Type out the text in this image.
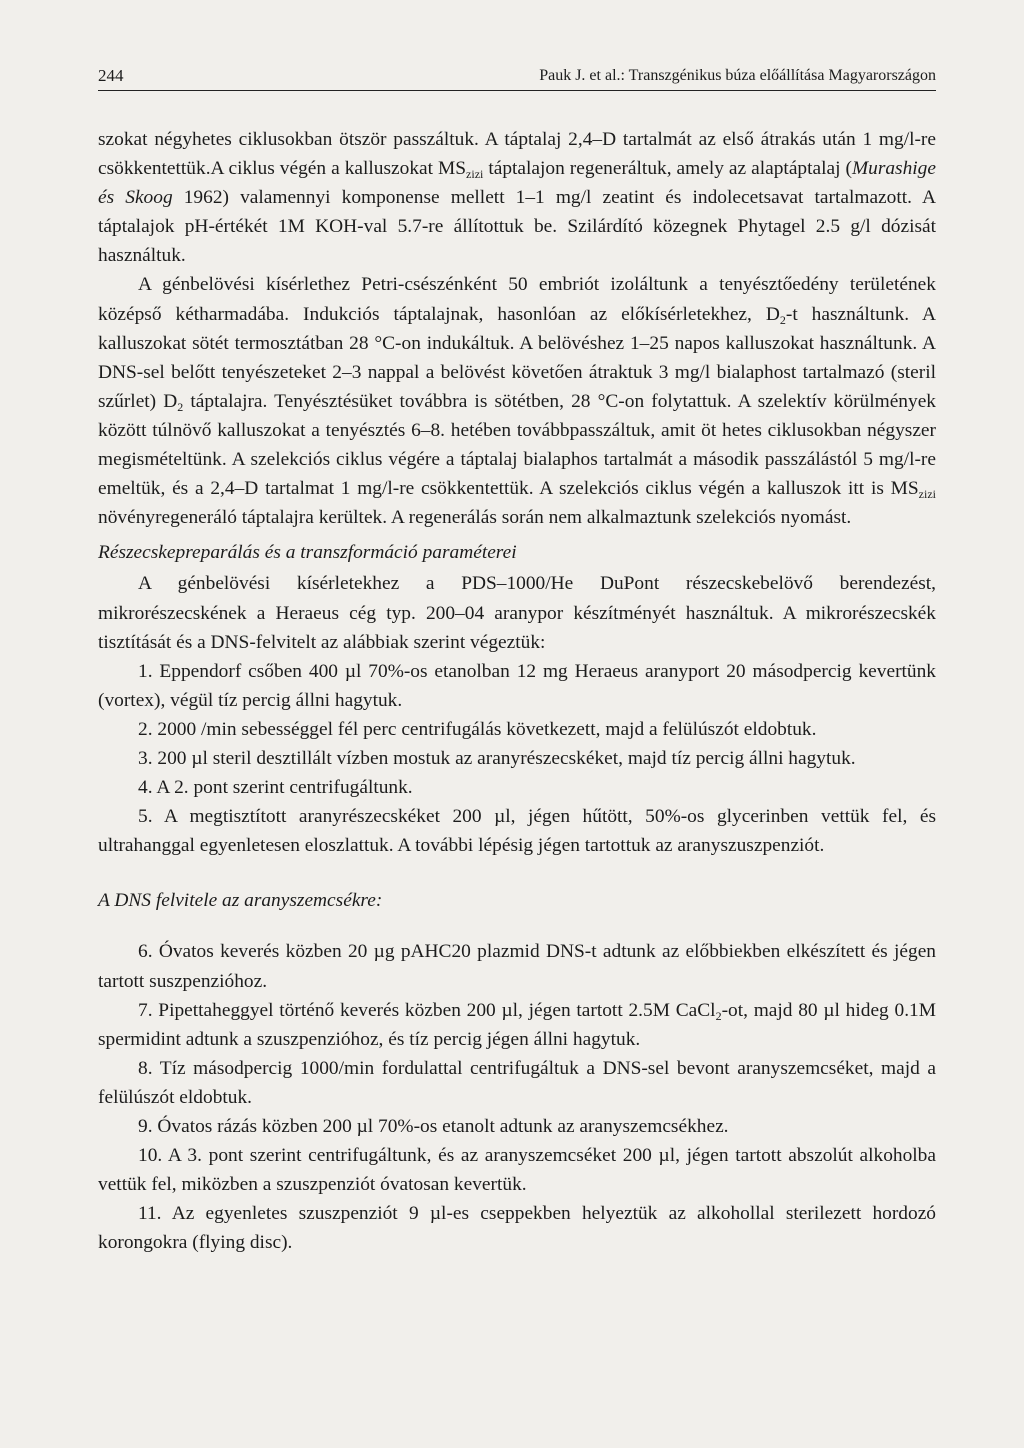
244	Pauk J. et al.: Transzgénikus búza előállítása Magyarországon

szokat négyhetes ciklusokban ötször passzáltuk. A táptalaj 2,4–D tartalmát az első átrakás után 1 mg/l-re csökkentettük.A ciklus végén a kalluszokat $MS_{zizi}$ táptalajon regeneráltuk, amely az alaptáptalaj (Murashige és Skoog 1962) valamennyi komponense mellett 1–1 mg/l zeatint és indolecetsavat tartalmazott. A táptalajok pH-értékét 1M KOH-val 5.7-re állítottuk be. Szilárdító közegnek Phytagel 2.5 g/l dózisát használtuk.

A génbelövési kísérlethez Petri-csészénként 50 embriót izoláltunk a tenyésztőedény területének középső kétharmadába. Indukciós táptalajnak, hasonlóan az előkísérletekhez, $D_2-t$ használtunk. A kalluszokat sötét termosztátban 28 °C-on indukáltuk. A belövéshez 1–25 napos kalluszokat használtunk. A DNS-sel belőtt tenyészeteket 2–3 nappal a belövést követően átraktuk 3 mg/l bialaphost tartalmazó (steril szűrlet) $D_2$ táptalajra. Tenyésztésüket továbbra is sötétben, 28 °C-on folytattuk. A szelektív körülmények között túlnövő kalluszokat a tenyésztés 6–8. hetében továbbpasszáltuk, amit öt hetes ciklusokban négyszer megismételtünk. A szelekciós ciklus végére a táptalaj bialaphos tartalmát a második passzálástól 5 mg/l-re emeltük, és a 2,4–D tartalmat 1 mg/l-re csökkentettük. A szelekciós ciklus végén a kalluszok itt is $MS_{zizi}$ növényregeneráló táptalajra kerültek. A regenerálás során nem alkalmaztunk szelekciós nyomást.

Részecskepreparálás és a transzformáció paraméterei

A génbelövési kísérletekhez a PDS–1000/He DuPont részecskebelövő berendezést, mikrorészecskének a Heraeus cég typ. 200–04 aranypor készítményét használtuk. A mikrorészecskék tisztítását és a DNS-felvitelt az alábbiak szerint végeztük:

1. Eppendorf csőben 400 µl 70%-os etanolban 12 mg Heraeus aranyport 20 másodpercig kevertünk (vortex), végül tíz percig állni hagytuk.

2. 2000 /min sebességgel fél perc centrifugálás következett, majd a felülúszót eldobtuk.

3. 200 µl steril desztillált vízben mostuk az aranyrészecskéket, majd tíz percig állni hagytuk.

4. A 2. pont szerint centrifugáltunk.

5. A megtisztított aranyrészecskéket 200 µl, jégen hűtött, 50%-os glycerinben vettük fel, és ultrahanggal egyenletesen eloszlattuk. A további lépésig jégen tartottuk az aranyszuszpenziót.

A DNS felvitele az aranyszemcsékre:

6. Óvatos keverés közben 20 µg pAHC20 plazmid DNS-t adtunk az előbbiekben elkészített és jégen tartott suszpenzióhoz.

7. Pipettaheggyel történő keverés közben 200 µl, jégen tartott 2.5M CaCl$_2$-ot, majd 80 µl hideg 0.1M spermidint adtunk a szuszpenzióhoz, és tíz percig jégen állni hagytuk.

8. Tíz másodpercig 1000/min fordulattal centrifugáltuk a DNS-sel bevont aranyszemcséket, majd a felülúszót eldobtuk.

9. Óvatos rázás közben 200 µl 70%-os etanolt adtunk az aranyszemcsékhez.

10. A 3. pont szerint centrifugáltunk, és az aranyszemcséket 200 µl, jégen tartott abszolút alkoholba vettük fel, miközben a szuszpenziót óvatosan kevertük.

11. Az egyenletes szuszpenziót 9 µl-es cseppekben helyeztük az alkohollal sterilezett hordozó korongokra (flying disc).
